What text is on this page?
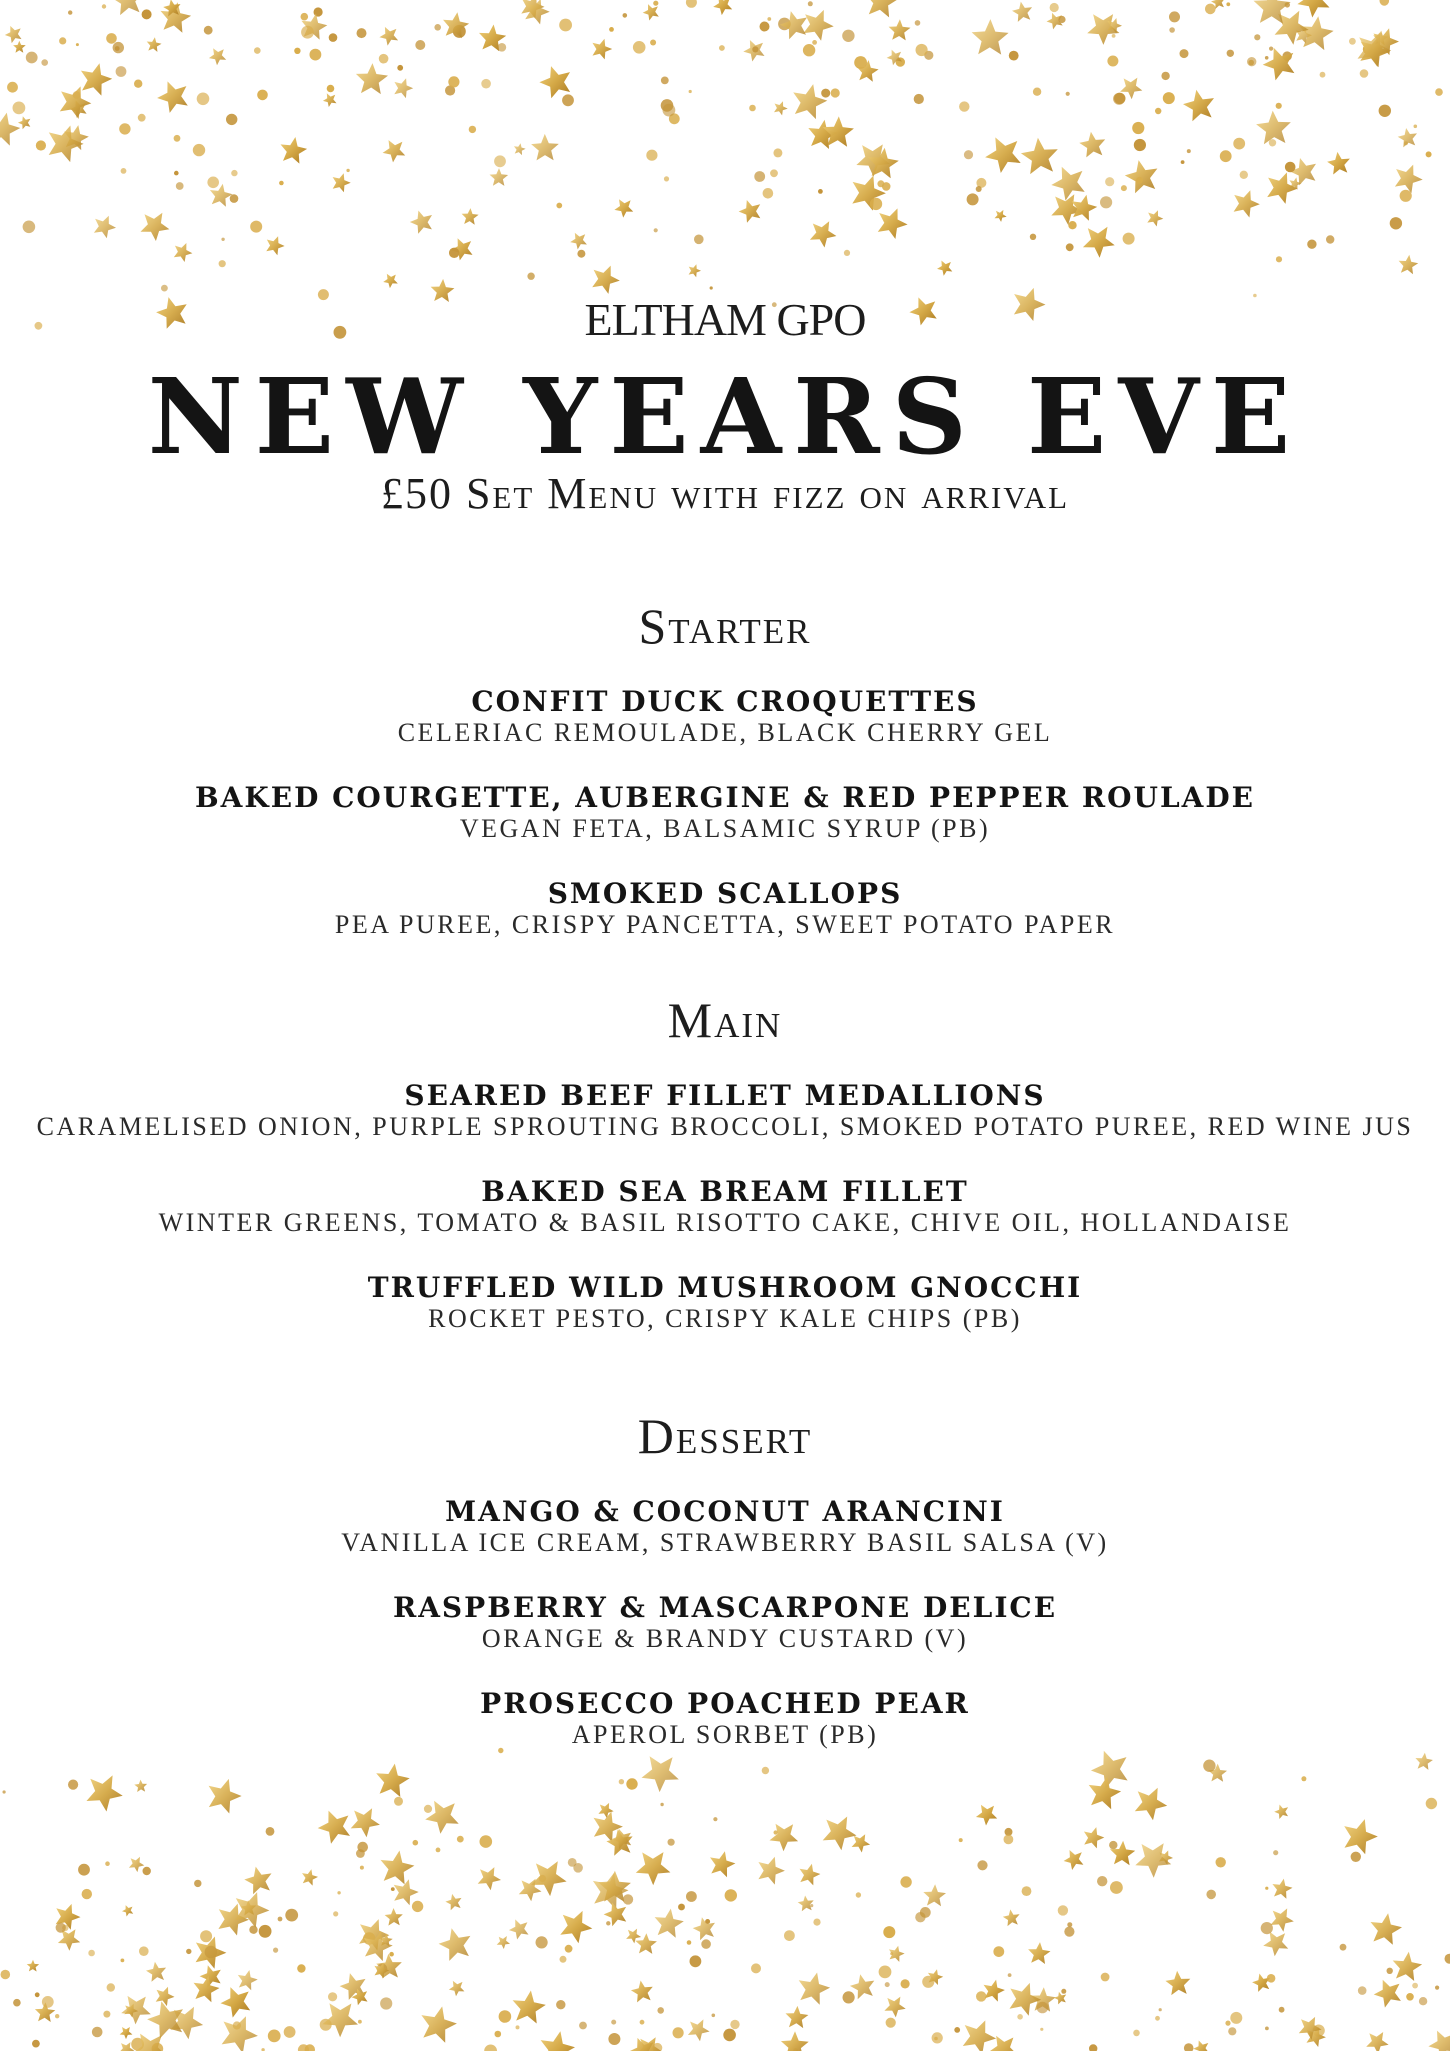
ELTHAM GPO
NEW YEARS EVE
£50 Set Menu with fizz on arrival
Starter
CONFIT DUCK CROQUETTES
CELERIAC REMOULADE, BLACK CHERRY GEL
BAKED COURGETTE, AUBERGINE & RED PEPPER ROULADE
VEGAN FETA, BALSAMIC SYRUP (PB)
SMOKED SCALLOPS
PEA PUREE, CRISPY PANCETTA, SWEET POTATO PAPER
Main
SEARED BEEF FILLET MEDALLIONS
CARAMELISED ONION, PURPLE SPROUTING BROCCOLI, SMOKED POTATO PUREE, RED WINE JUS
BAKED SEA BREAM FILLET
WINTER GREENS, TOMATO & BASIL RISOTTO CAKE, CHIVE OIL, HOLLANDAISE
TRUFFLED WILD MUSHROOM GNOCCHI
ROCKET PESTO, CRISPY KALE CHIPS (PB)
Dessert
MANGO & COCONUT ARANCINI
VANILLA ICE CREAM, STRAWBERRY BASIL SALSA (V)
RASPBERRY & MASCARPONE DELICE
ORANGE & BRANDY CUSTARD (V)
PROSECCO POACHED PEAR
APEROL SORBET (PB)
